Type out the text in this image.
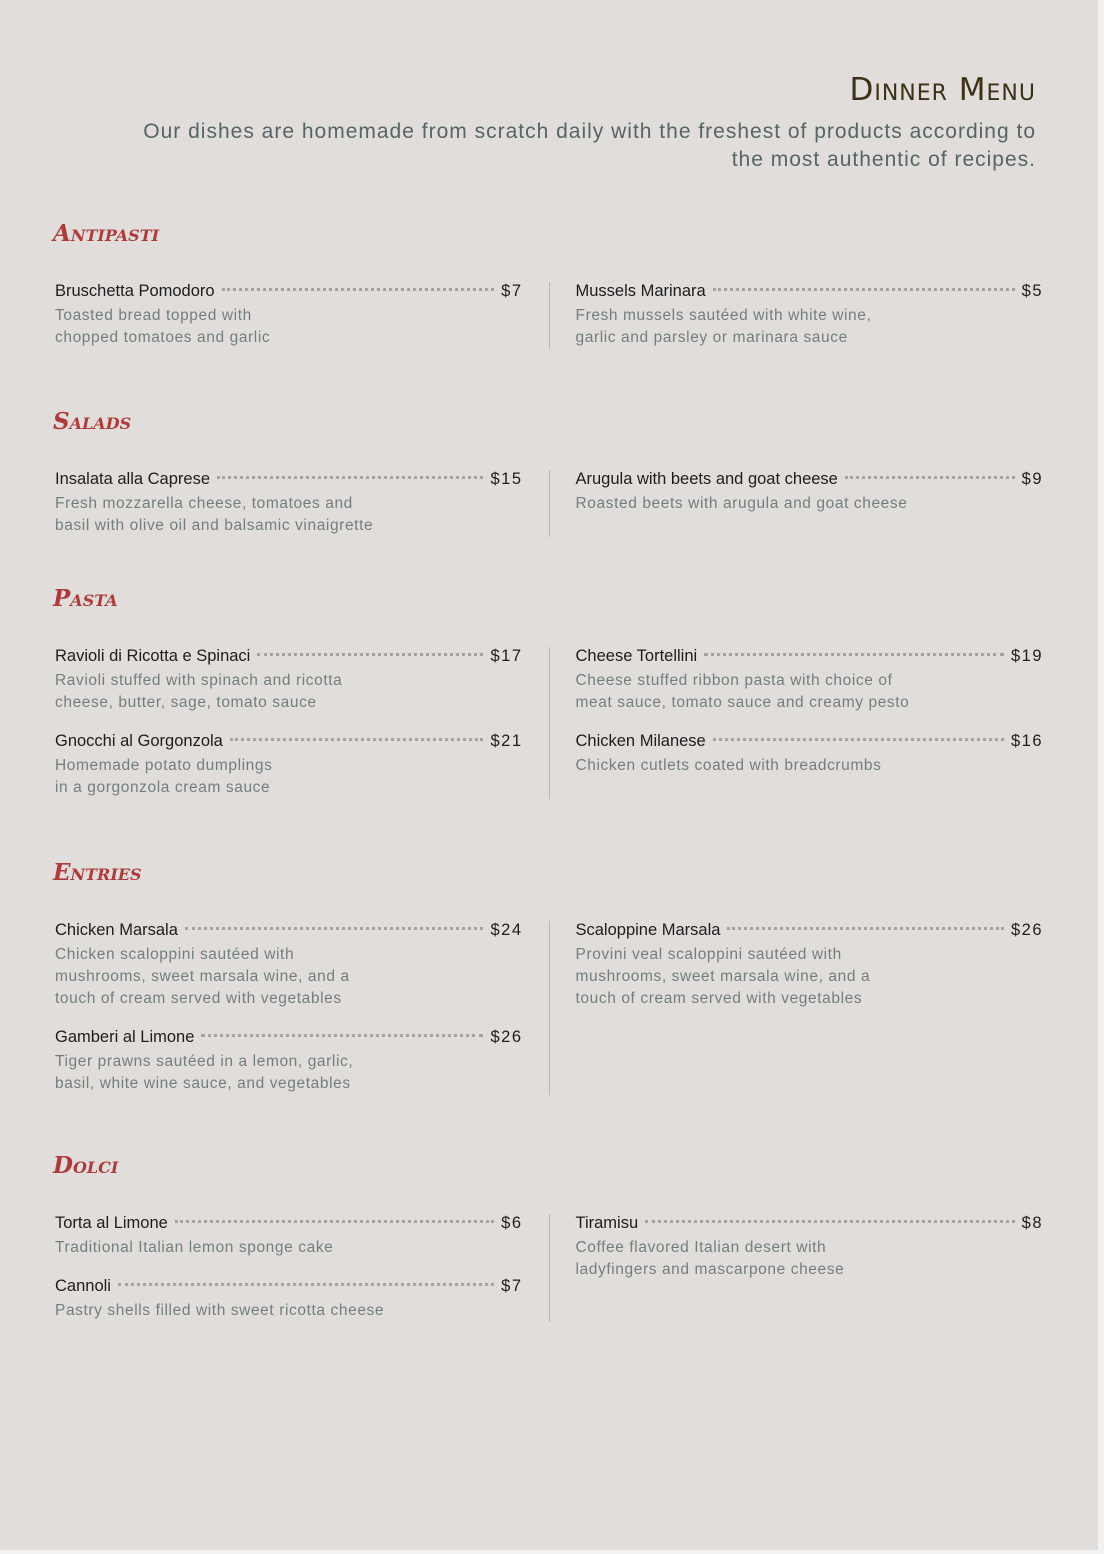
Dinner Menu
Our dishes are homemade from scratch daily with the freshest of products according to the most authentic of recipes.
Antipasti
Bruschetta Pomodoro	$7
Toasted bread topped with
chopped tomatoes and garlic
Mussels Marinara	$5
Fresh mussels sautéed with white wine,
garlic and parsley or marinara sauce
Salads
Insalata alla Caprese	$15
Fresh mozzarella cheese, tomatoes and
basil with olive oil and balsamic vinaigrette
Arugula with beets and goat cheese	$9
Roasted beets with arugula and goat cheese
Pasta
Ravioli di Ricotta e Spinaci	$17
Ravioli stuffed with spinach and ricotta
cheese, butter, sage, tomato sauce
Gnocchi al Gorgonzola	$21
Homemade potato dumplings
in a gorgonzola cream sauce
Cheese Tortellini	$19
Cheese stuffed ribbon pasta with choice of
meat sauce, tomato sauce and creamy pesto
Chicken Milanese	$16
Chicken cutlets coated with breadcrumbs
Entries
Chicken Marsala	$24
Chicken scaloppini sautéed with
mushrooms, sweet marsala wine, and a
touch of cream served with vegetables
Gamberi al Limone	$26
Tiger prawns sautéed in a lemon, garlic,
basil, white wine sauce, and vegetables
Scaloppine Marsala	$26
Provini veal scaloppini sautéed with
mushrooms, sweet marsala wine, and a
touch of cream served with vegetables
Dolci
Torta al Limone	$6
Traditional Italian lemon sponge cake
Cannoli	$7
Pastry shells filled with sweet ricotta cheese
Tiramisu	$8
Coffee flavored Italian desert with
ladyfingers and mascarpone cheese
